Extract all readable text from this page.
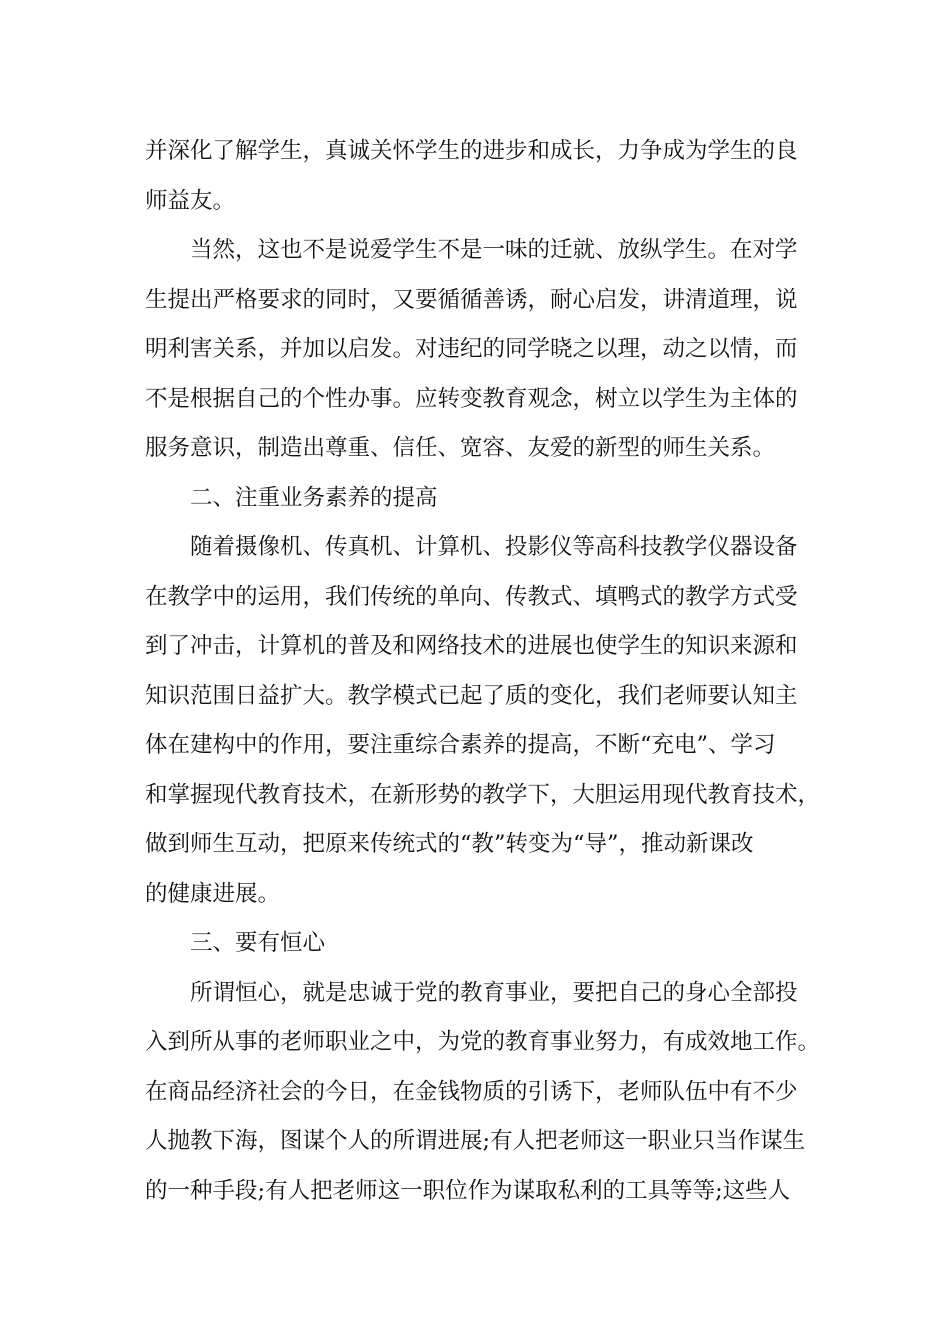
并深化了解学生，真诚关怀学生的进步和成长，力争成为学生的良
师益友。
当然，这也不是说爱学生不是一味的迁就、放纵学生。在对学
生提出严格要求的同时，又要循循善诱，耐心启发，讲清道理，说
明利害关系，并加以启发。对违纪的同学晓之以理，动之以情，而
不是根据自己的个性办事。应转变教育观念，树立以学生为主体的
服务意识，制造出尊重、信任、宽容、友爱的新型的师生关系。
二、注重业务素养的提高
随着摄像机、传真机、计算机、投影仪等高科技教学仪器设备
在教学中的运用，我们传统的单向、传教式、填鸭式的教学方式受
到了冲击，计算机的普及和网络技术的进展也使学生的知识来源和
知识范围日益扩大。教学模式已起了质的变化，我们老师要认知主
体在建构中的作用，要注重综合素养的提高，不断“充电”、学习
和掌握现代教育技术，在新形势的教学下，大胆运用现代教育技术，
做到师生互动，把原来传统式的“教”转变为“导”，推动新课改
的健康进展。
三、要有恒心
所谓恒心，就是忠诚于党的教育事业，要把自己的身心全部投
入到所从事的老师职业之中，为党的教育事业努力，有成效地工作。
在商品经济社会的今日，在金钱物质的引诱下，老师队伍中有不少
人抛教下海，图谋个人的所谓进展;有人把老师这一职业只当作谋生
的一种手段;有人把老师这一职位作为谋取私利的工具等等;这些人
